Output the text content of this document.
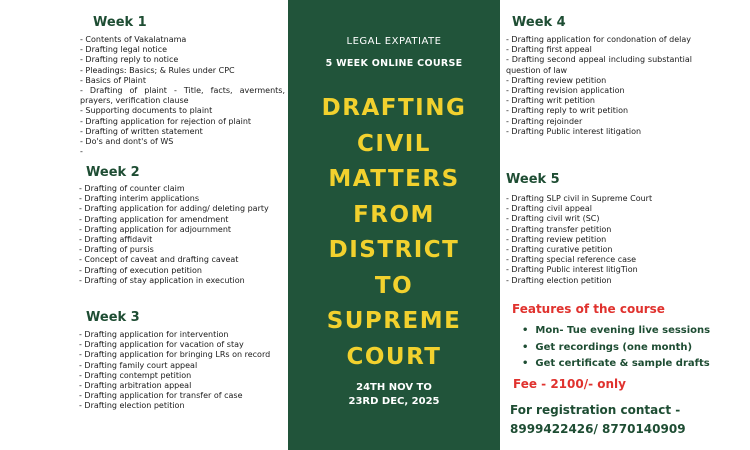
Week 1
- Contents of Vakalatnama
- Drafting legal notice
- Drafting reply to notice
- Pleadings: Basics; & Rules under CPC
- Basics of Plaint
- Drafting of plaint - Title, facts, averments, prayers, verification clause
- Supporting documents to plaint
- Drafting application for rejection of plaint
- Drafting of written statement
- Do's and dont's of WS
-
Week 2
- Drafting of counter claim
- Drafting interim applications
- Drafting application for adding/ deleting party
- Drafting application for amendment
- Drafting application for adjournment
- Drafting affidavit
- Drafting of pursis
- Concept of caveat and drafting caveat
- Drafting of execution petition
- Drafting of stay application in execution
Week 3
- Drafting application for intervention
- Drafting application for vacation of stay
- Drafting application for bringing LRs on record
- Drafting family court appeal
- Drafting contempt petition
- Drafting arbitration appeal
- Drafting application for transfer of case
- Drafting election petition
LEGAL EXPATIATE
5 WEEK ONLINE COURSE
DRAFTING
CIVIL
MATTERS
FROM
DISTRICT
TO
SUPREME
COURT
24TH NOV TO
23RD DEC, 2025
Week 4
- Drafting application for condonation of delay
- Drafting first appeal
- Drafting second appeal including substantial question of law
- Drafting review petition
- Drafting revision application
- Drafting writ petition
- Drafting reply to writ petition
- Drafting rejoinder
- Drafting Public interest litigation
Week 5
- Drafting SLP civil in Supreme Court
- Drafting civil appeal
- Drafting civil writ (SC)
- Drafting transfer petition
- Drafting review petition
- Drafting curative petition
- Drafting special reference case
- Drafting Public interest litigTion
- Drafting election petition
Features of the course
• Mon- Tue evening live sessions
• Get recordings (one month)
• Get certificate & sample drafts
Fee - 2100/- only
For registration contact -
8999422426/ 8770140909
